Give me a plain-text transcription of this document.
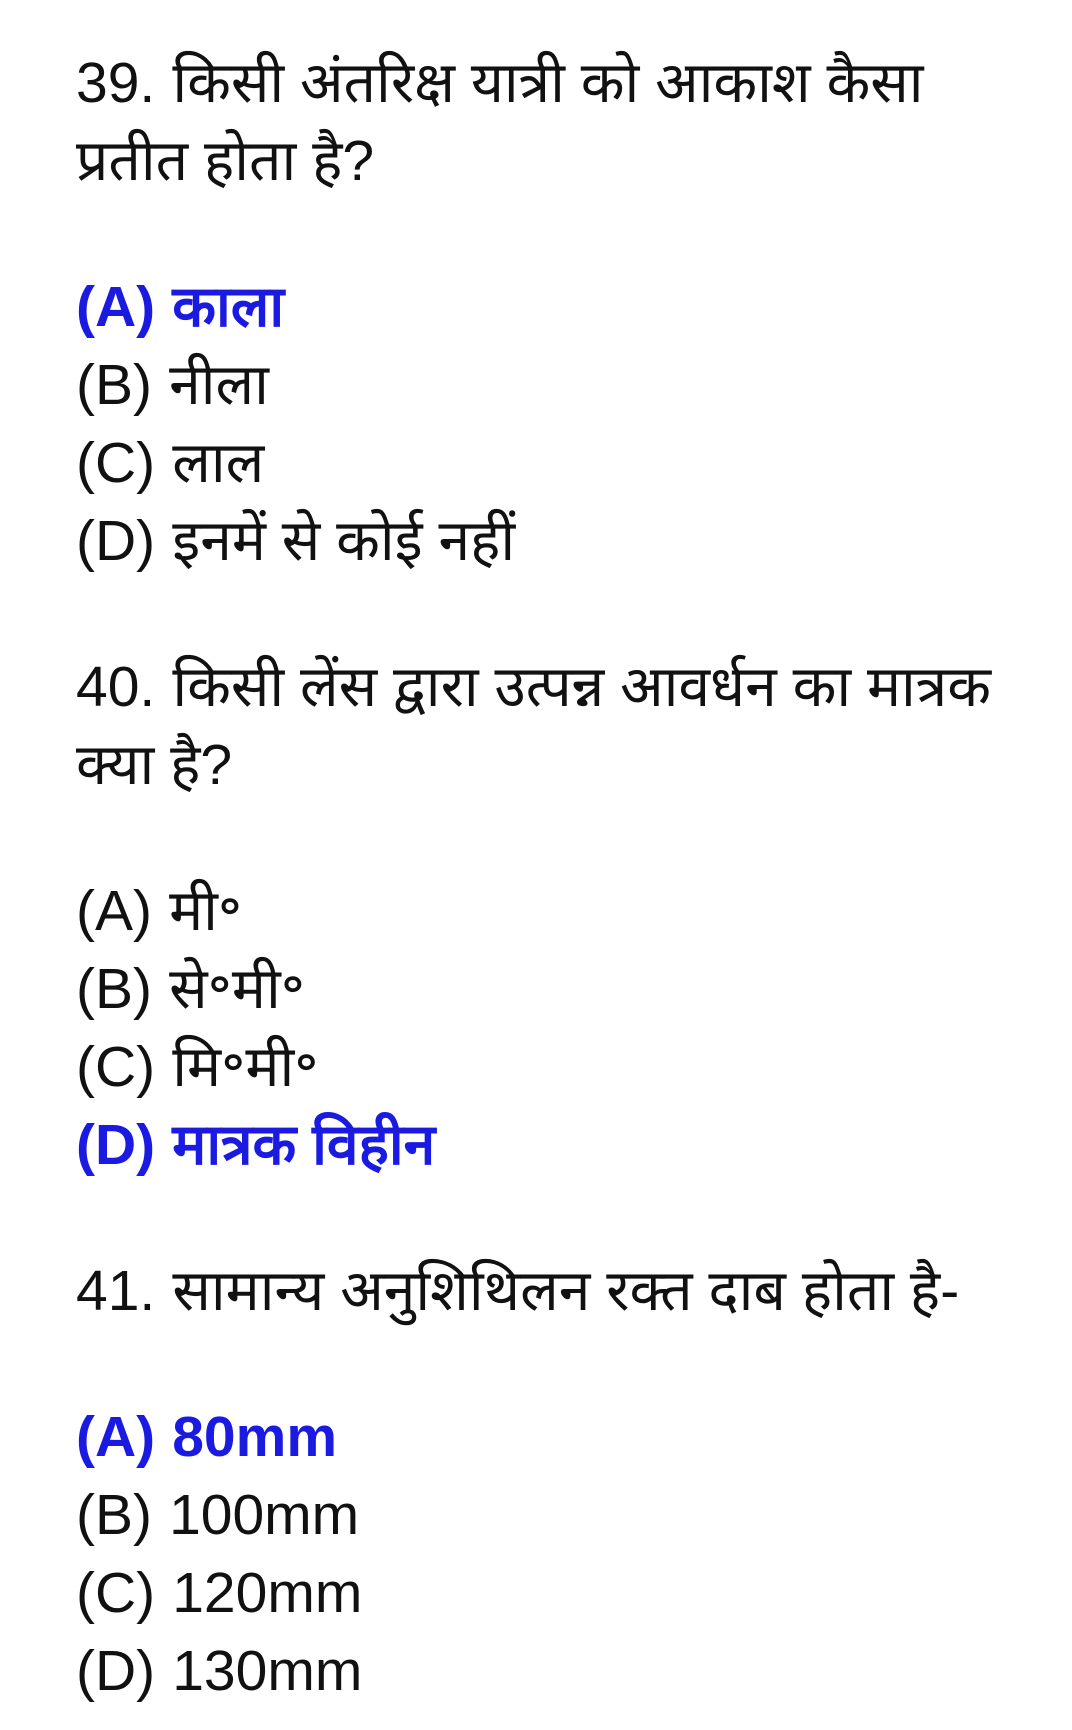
39. किसी अंतरिक्ष यात्री को आकाश कैसा प्रतीत होता है?

(A) काला
(B) नीला
(C) लाल
(D) इनमें से कोई नहीं

40. किसी लेंस द्वारा उत्पन्न आवर्धन का मात्रक क्या है?

(A) मी॰
(B) से॰मी॰
(C) मि॰मी॰
(D) मात्रक विहीन

41. सामान्य अनुशिथिलन रक्त दाब होता है-

(A) 80mm
(B) 100mm
(C) 120mm
(D) 130mm
